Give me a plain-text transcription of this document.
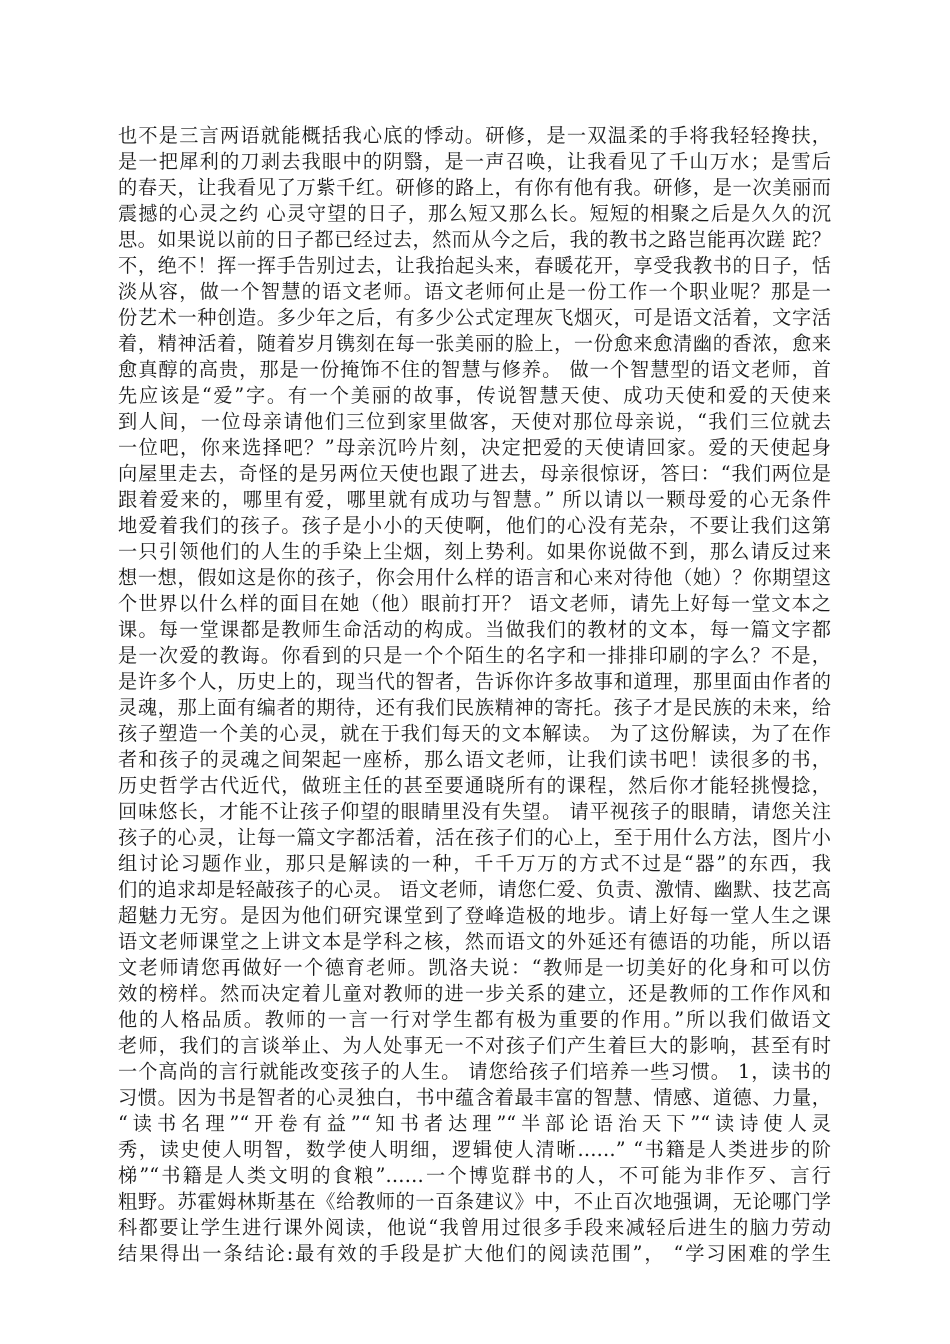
也不是三言两语就能概括我心底的悸动。研修，是一双温柔的手将我轻轻搀扶，
是一把犀利的刀剥去我眼中的阴翳，是一声召唤，让我看见了千山万水；是雪后
的春天，让我看见了万紫千红。研修的路上，有你有他有我。研修，是一次美丽而
震撼的心灵之约 心灵守望的日子，那么短又那么长。短短的相聚之后是久久的沉
思。如果说以前的日子都已经过去，然而从今之后，我的教书之路岂能再次蹉 跎？
不，绝不！挥一挥手告别过去，让我抬起头来，春暖花开，享受我教书的日子，恬
淡从容，做一个智慧的语文老师。语文老师何止是一份工作一个职业呢？那是一
份艺术一种创造。多少年之后，有多少公式定理灰飞烟灭，可是语文活着，文字活
着，精神活着，随着岁月镌刻在每一张美丽的脸上，一份愈来愈清幽的香浓，愈来
愈真醇的高贵，那是一份掩饰不住的智慧与修养。 做一个智慧型的语文老师，首
先应该是“爱”字。有一个美丽的故事，传说智慧天使、成功天使和爱的天使来
到人间，一位母亲请他们三位到家里做客，天使对那位母亲说，“我们三位就去
一位吧，你来选择吧？”母亲沉吟片刻，决定把爱的天使请回家。爱的天使起身
向屋里走去，奇怪的是另两位天使也跟了进去，母亲很惊讶，答曰：“我们两位是
跟着爱来的，哪里有爱，哪里就有成功与智慧。” 所以请以一颗母爱的心无条件
地爱着我们的孩子。孩子是小小的天使啊，他们的心没有芜杂，不要让我们这第
一只引领他们的人生的手染上尘烟，刻上势利。如果你说做不到，那么请反过来
想一想，假如这是你的孩子，你会用什么样的语言和心来对待他（她）？你期望这
个世界以什么样的面目在她（他）眼前打开？ 语文老师，请先上好每一堂文本之
课。每一堂课都是教师生命活动的构成。当做我们的教材的文本，每一篇文字都
是一次爱的教诲。你看到的只是一个个陌生的名字和一排排印刷的字么？不是，
是许多个人，历史上的，现当代的智者，告诉你许多故事和道理，那里面由作者的
灵魂，那上面有编者的期待，还有我们民族精神的寄托。孩子才是民族的未来，给
孩子塑造一个美的心灵，就在于我们每天的文本解读。 为了这份解读，为了在作
者和孩子的灵魂之间架起一座桥，那么语文老师，让我们读书吧！读很多的书，
历史哲学古代近代，做班主任的甚至要通晓所有的课程，然后你才能轻挑慢捻，
回味悠长，才能不让孩子仰望的眼睛里没有失望。 请平视孩子的眼睛，请您关注
孩子的心灵，让每一篇文字都活着，活在孩子们的心上，至于用什么方法，图片小
组讨论习题作业，那只是解读的一种，千千万万的方式不过是“器”的东西，我
们的追求却是轻敲孩子的心灵。 语文老师，请您仁爱、负责、激情、幽默、技艺高
超魅力无穷。是因为他们研究课堂到了登峰造极的地步。请上好每一堂人生之课
语文老师课堂之上讲文本是学科之核，然而语文的外延还有德语的功能，所以语
文老师请您再做好一个德育老师。凯洛夫说：“教师是一切美好的化身和可以仿
效的榜样。然而决定着儿童对教师的进一步关系的建立，还是教师的工作作风和
他的人格品质。教师的一言一行对学生都有极为重要的作用。”所以我们做语文
老师，我们的言谈举止、为人处事无一不对孩子们产生着巨大的影响，甚至有时
一个高尚的言行就能改变孩子的人生。 请您给孩子们培养一些习惯。 1，读书的
习惯。因为书是智者的心灵独白，书中蕴含着最丰富的智慧、情感、道德、力量，
“读书名理”“开卷有益”“知书者达理”“半部论语治天下”“读诗使人灵
秀，读史使人明智，数学使人明细，逻辑使人清晰……” “书籍是人类进步的阶
梯”“书籍是人类文明的食粮”……一个博览群书的人，不可能为非作歹、言行
粗野。苏霍姆林斯基在《给教师的一百条建议》中，不止百次地强调，无论哪门学
科都要让学生进行课外阅读，他说“我曾用过很多手段来减轻后进生的脑力劳动
结果得出一条结论:最有效的手段是扩大他们的阅读范围”， “学习困难的学生
